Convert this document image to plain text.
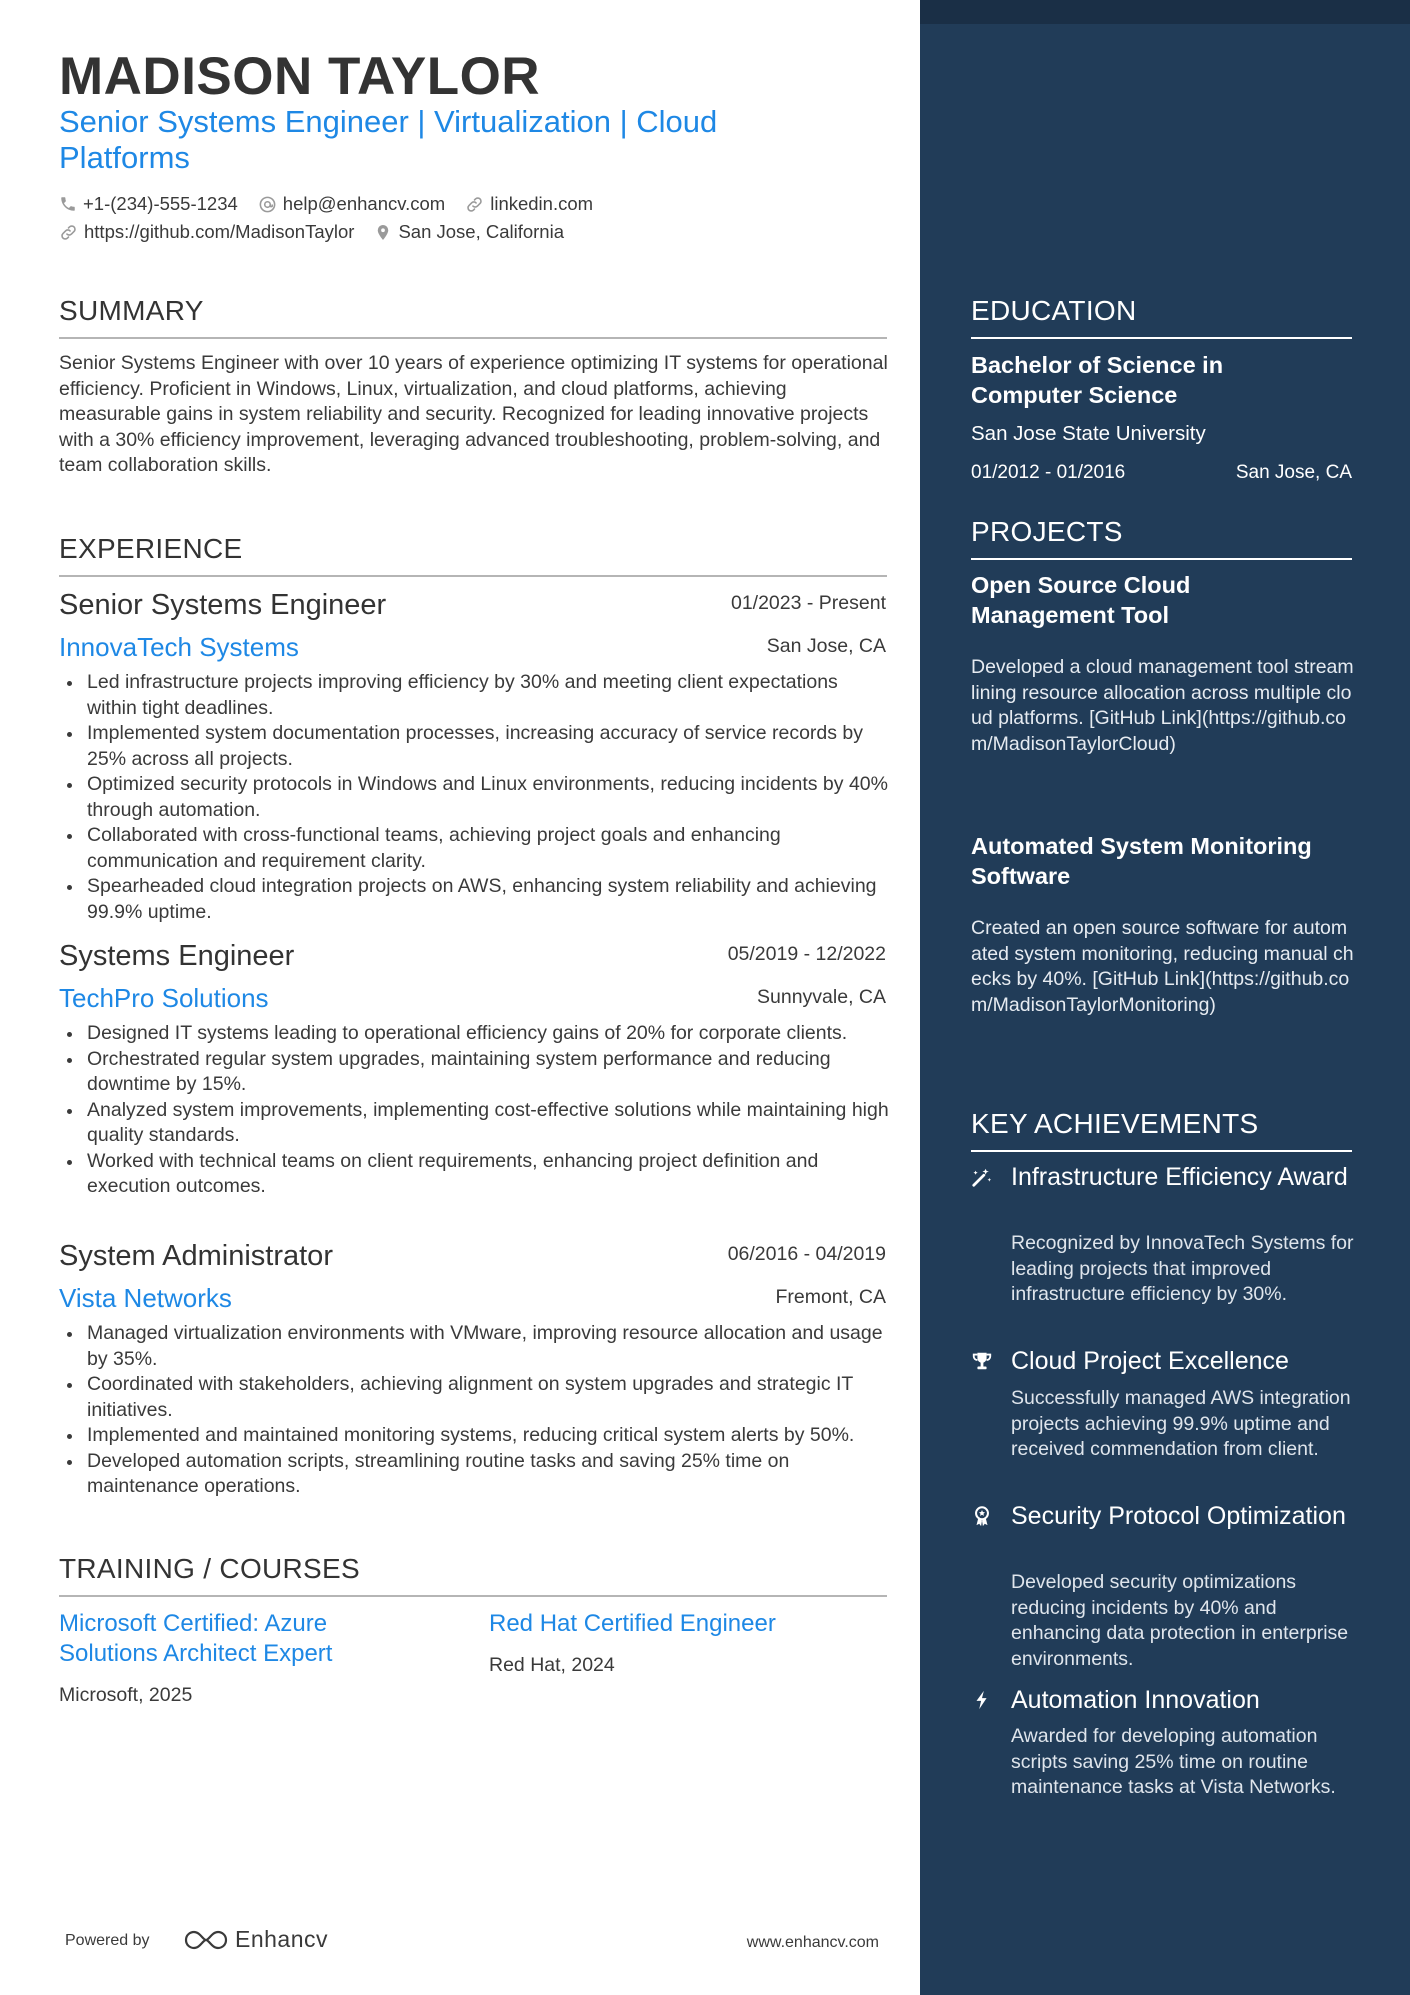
MADISON TAYLOR
Senior Systems Engineer | Virtualization | Cloud Platforms
+1-(234)-555-1234 help@enhancv.com linkedin.com
https://github.com/MadisonTaylor San Jose, California
SUMMARY
Senior Systems Engineer with over 10 years of experience optimizing IT systems for operational efficiency. Proficient in Windows, Linux, virtualization, and cloud platforms, achieving measurable gains in system reliability and security. Recognized for leading innovative projects with a 30% efficiency improvement, leveraging advanced troubleshooting, problem-solving, and team collaboration skills.
EXPERIENCE
Senior Systems Engineer	01/2023 - Present
InnovaTech Systems	San Jose, CA
Led infrastructure projects improving efficiency by 30% and meeting client expectations within tight deadlines.
Implemented system documentation processes, increasing accuracy of service records by 25% across all projects.
Optimized security protocols in Windows and Linux environments, reducing incidents by 40% through automation.
Collaborated with cross-functional teams, achieving project goals and enhancing communication and requirement clarity.
Spearheaded cloud integration projects on AWS, enhancing system reliability and achieving 99.9% uptime.
Systems Engineer	05/2019 - 12/2022
TechPro Solutions	Sunnyvale, CA
Designed IT systems leading to operational efficiency gains of 20% for corporate clients.
Orchestrated regular system upgrades, maintaining system performance and reducing downtime by 15%.
Analyzed system improvements, implementing cost-effective solutions while maintaining high quality standards.
Worked with technical teams on client requirements, enhancing project definition and execution outcomes.
System Administrator	06/2016 - 04/2019
Vista Networks	Fremont, CA
Managed virtualization environments with VMware, improving resource allocation and usage by 35%.
Coordinated with stakeholders, achieving alignment on system upgrades and strategic IT initiatives.
Implemented and maintained monitoring systems, reducing critical system alerts by 50%.
Developed automation scripts, streamlining routine tasks and saving 25% time on maintenance operations.
TRAINING / COURSES
Microsoft Certified: Azure Solutions Architect Expert
Microsoft, 2025
Red Hat Certified Engineer
Red Hat, 2024
Powered by	Enhancv	www.enhancv.com
EDUCATION
Bachelor of Science in Computer Science
San Jose State University
01/2012 - 01/2016	San Jose, CA
PROJECTS
Open Source Cloud Management Tool
Developed a cloud management tool streamlining resource allocation across multiple cloud platforms. [GitHub Link](https://github.com/MadisonTaylorCloud)
Automated System Monitoring Software
Created an open source software for automated system monitoring, reducing manual checks by 40%. [GitHub Link](https://github.com/MadisonTaylorMonitoring)
KEY ACHIEVEMENTS
Infrastructure Efficiency Award
Recognized by InnovaTech Systems for leading projects that improved infrastructure efficiency by 30%.
Cloud Project Excellence
Successfully managed AWS integration projects achieving 99.9% uptime and received commendation from client.
Security Protocol Optimization
Developed security optimizations reducing incidents by 40% and enhancing data protection in enterprise environments.
Automation Innovation
Awarded for developing automation scripts saving 25% time on routine maintenance tasks at Vista Networks.
